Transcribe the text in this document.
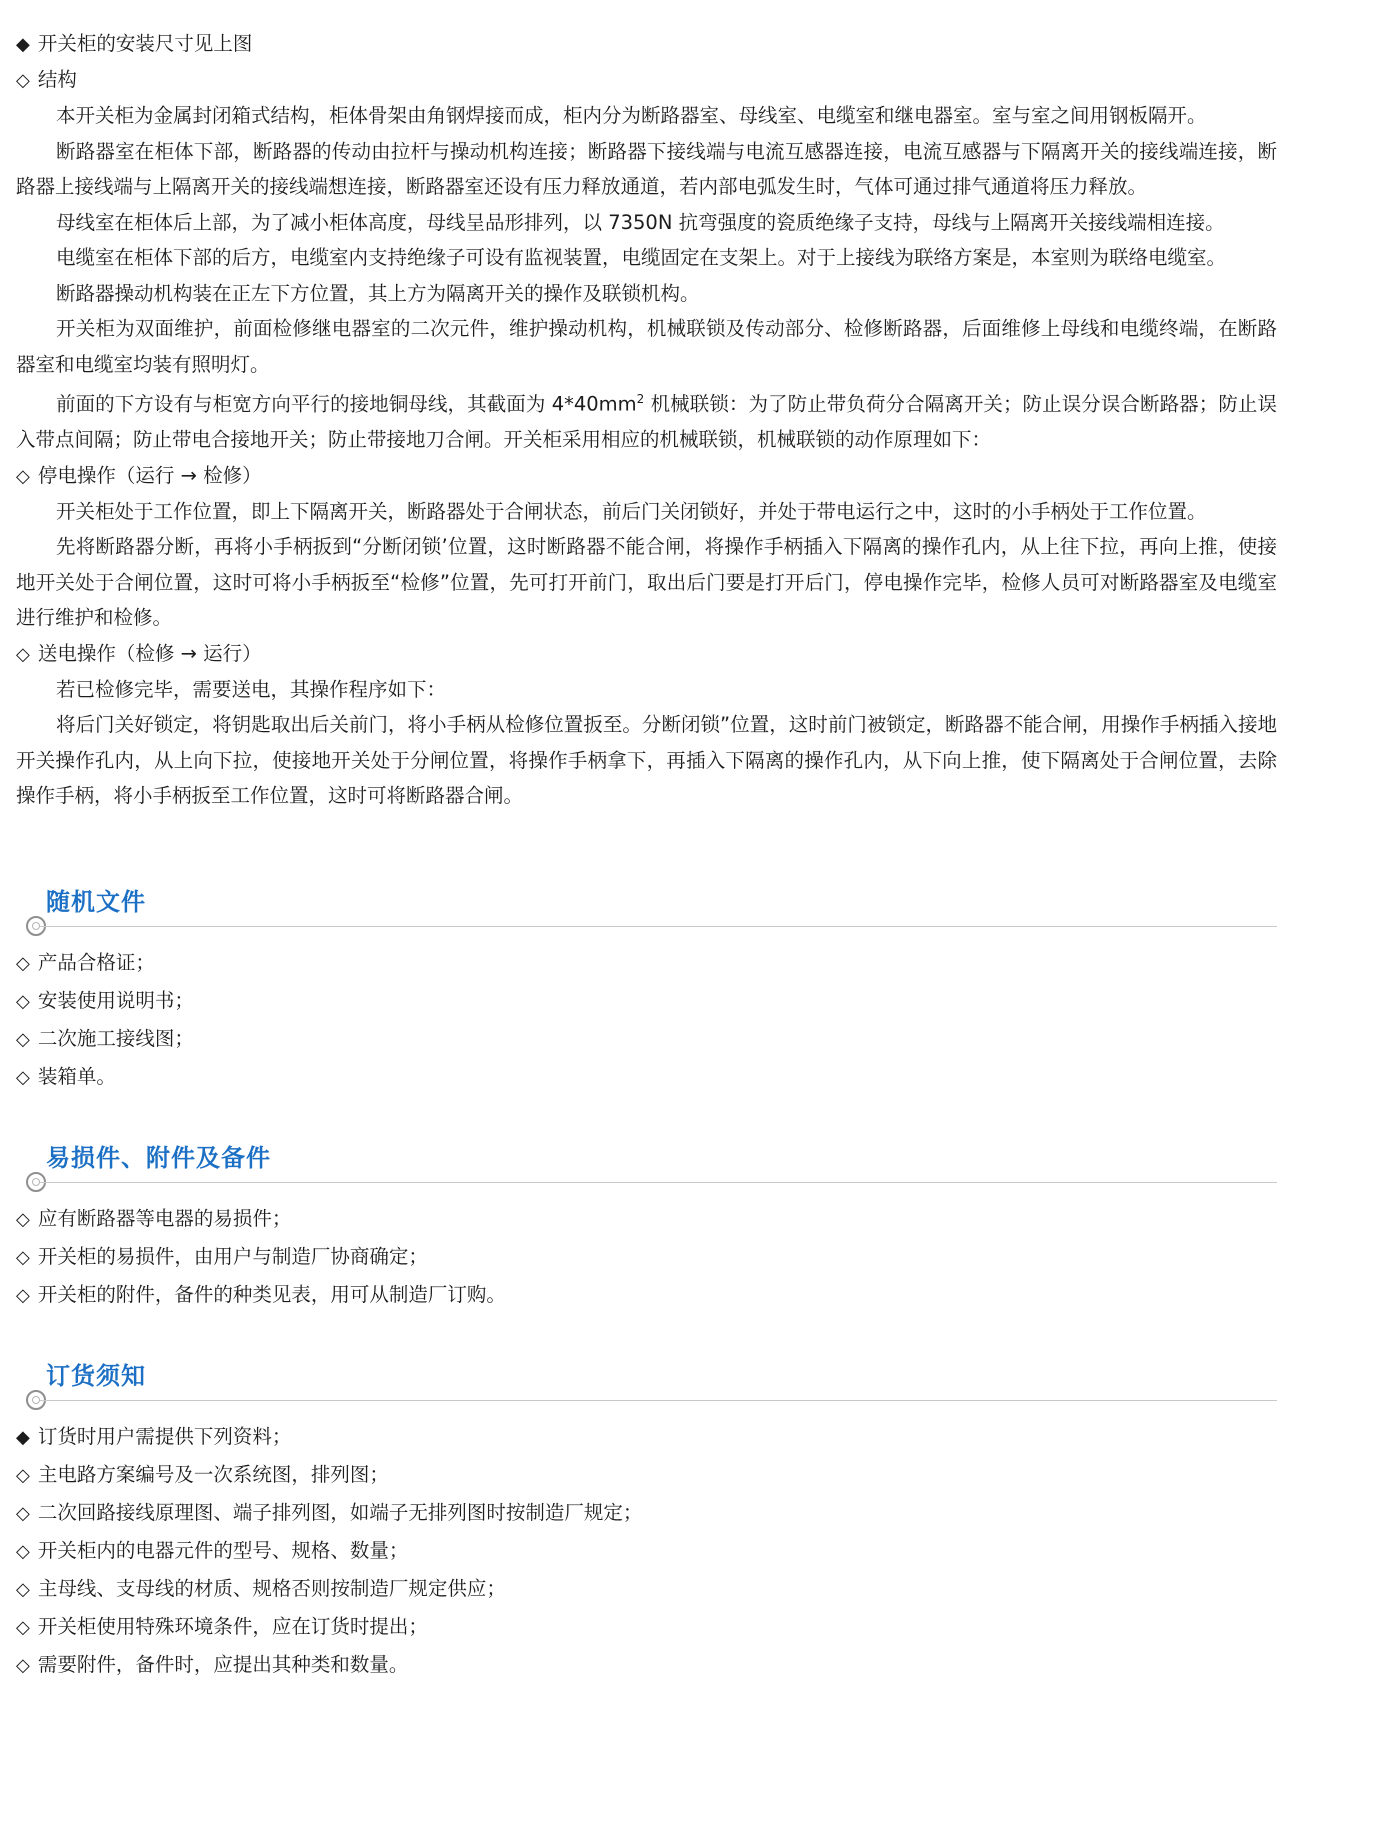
◆ 开关柜的安装尺寸见上图
◇ 结构

本开关柜为金属封闭箱式结构，柜体骨架由角钢焊接而成，柜内分为断路器室、母线室、电缆室和继电器室。室与室之间用钢板隔开。

断路器室在柜体下部，断路器的传动由拉杆与操动机构连接；断路器下接线端与电流互感器连接，电流互感器与下隔离开关的接线端连接，断路器上接线端与上隔离开关的接线端想连接，断路器室还设有压力释放通道，若内部电弧发生时，气体可通过排气通道将压力释放。

母线室在柜体后上部，为了减小柜体高度，母线呈品形排列，以 7350N 抗弯强度的瓷质绝缘子支持，母线与上隔离开关接线端相连接。

电缆室在柜体下部的后方，电缆室内支持绝缘子可设有监视装置，电缆固定在支架上。对于上接线为联络方案是，本室则为联络电缆室。

断路器操动机构装在正左下方位置，其上方为隔离开关的操作及联锁机构。

开关柜为双面维护，前面检修继电器室的二次元件，维护操动机构，机械联锁及传动部分、检修断路器，后面维修上母线和电缆终端，在断路器室和电缆室均装有照明灯。

前面的下方设有与柜宽方向平行的接地铜母线，其截面为 $4*40mm^2$ 机械联锁：为了防止带负荷分合隔离开关；防止误分误合断路器；防止误入带点间隔；防止带电合接地开关；防止带接地刀合闸。开关柜采用相应的机械联锁，机械联锁的动作原理如下：

◇ 停电操作（运行 → 检修）

开关柜处于工作位置，即上下隔离开关，断路器处于合闸状态，前后门关闭锁好，并处于带电运行之中，这时的小手柄处于工作位置。

先将断路器分断，再将小手柄扳到“分断闭锁’位置，这时断路器不能合闸，将操作手柄插入下隔离的操作孔内，从上往下拉，再向上推，使接地开关处于合闸位置，这时可将小手柄扳至“检修”位置，先可打开前门，取出后门要是打开后门，停电操作完毕，检修人员可对断路器室及电缆室进行维护和检修。

◇ 送电操作（检修 → 运行）

若已检修完毕，需要送电，其操作程序如下：

将后门关好锁定，将钥匙取出后关前门，将小手柄从检修位置扳至。分断闭锁”位置，这时前门被锁定，断路器不能合闸，用操作手柄插入接地开关操作孔内，从上向下拉，使接地开关处于分闸位置，将操作手柄拿下，再插入下隔离的操作孔内，从下向上推，使下隔离处于合闸位置，去除操作手柄，将小手柄扳至工作位置，这时可将断路器合闸。

随机文件
◇ 产品合格证；
◇ 安装使用说明书；
◇ 二次施工接线图；
◇ 装箱单。
易损件、附件及备件
◇ 应有断路器等电器的易损件；
◇ 开关柜的易损件，由用户与制造厂协商确定；
◇ 开关柜的附件，备件的种类见表，用可从制造厂订购。
订货须知
◆ 订货时用户需提供下列资料；
◇ 主电路方案编号及一次系统图，排列图；
◇ 二次回路接线原理图、端子排列图，如端子无排列图时按制造厂规定；
◇ 开关柜内的电器元件的型号、规格、数量；
◇ 主母线、支母线的材质、规格否则按制造厂规定供应；
◇ 开关柜使用特殊环境条件，应在订货时提出；
◇ 需要附件，备件时，应提出其种类和数量。
